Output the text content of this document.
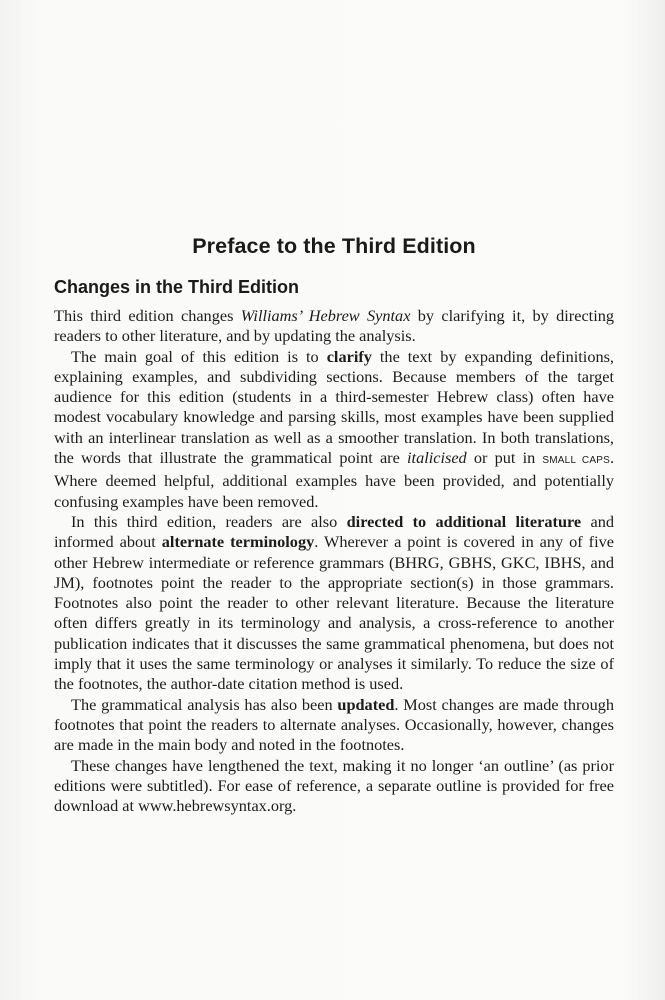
Preface to the Third Edition
Changes in the Third Edition

This third edition changes Williams’ Hebrew Syntax by clarifying it, by directing readers to other literature, and by updating the analysis.

The main goal of this edition is to clarify the text by expanding definitions, explaining examples, and subdividing sections. Because members of the target audience for this edition (students in a third-semester Hebrew class) often have modest vocabulary knowledge and parsing skills, most examples have been supplied with an interlinear translation as well as a smoother translation. In both translations, the words that illustrate the grammatical point are italicised or put in SMALL CAPS. Where deemed helpful, additional examples have been provided, and potentially confusing examples have been removed.

In this third edition, readers are also directed to additional literature and informed about alternate terminology. Wherever a point is covered in any of five other Hebrew intermediate or reference grammars (BHRG, GBHS, GKC, IBHS, and JM), footnotes point the reader to the appropriate section(s) in those grammars. Footnotes also point the reader to other relevant literature. Because the literature often differs greatly in its terminology and analysis, a cross-reference to another publication indicates that it discusses the same grammatical phenomena, but does not imply that it uses the same terminology or analyses it similarly. To reduce the size of the footnotes, the author-date citation method is used.

The grammatical analysis has also been updated. Most changes are made through footnotes that point the readers to alternate analyses. Occasionally, however, changes are made in the main body and noted in the footnotes.

These changes have lengthened the text, making it no longer ‘an outline’ (as prior editions were subtitled). For ease of reference, a separate outline is provided for free download at www.hebrewsyntax.org.
